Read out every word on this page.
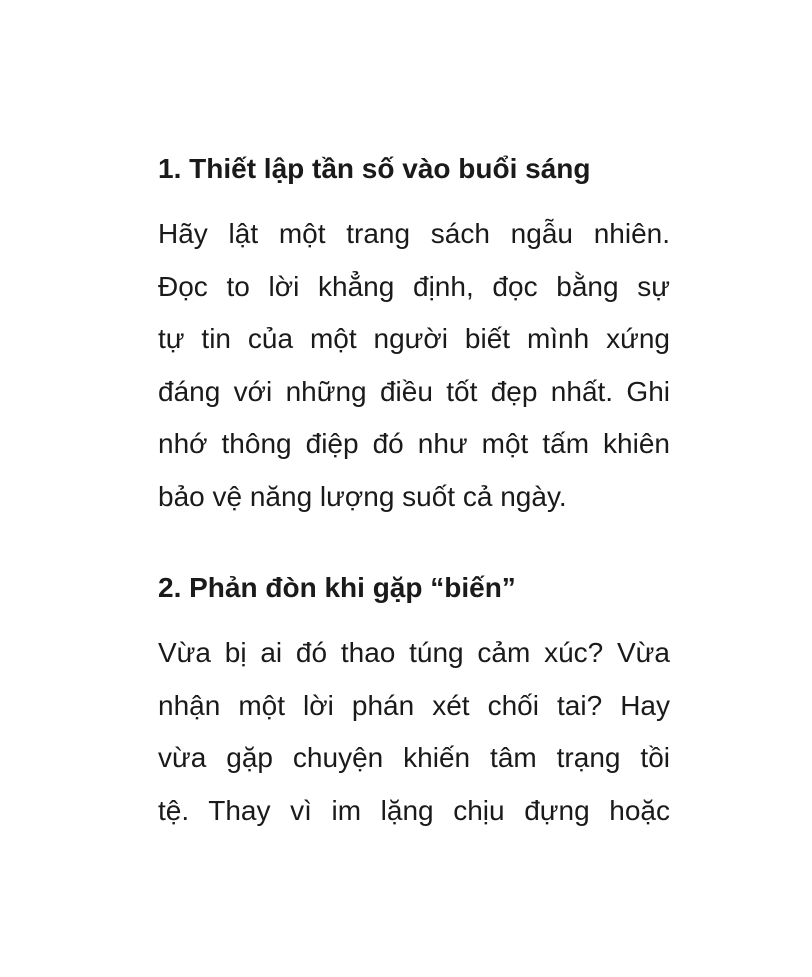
1. Thiết lập tần số vào buổi sáng
Hãy lật một trang sách ngẫu nhiên.
Đọc to lời khẳng định, đọc bằng sự
tự tin của một người biết mình xứng
đáng với những điều tốt đẹp nhất. Ghi
nhớ thông điệp đó như một tấm khiên
bảo vệ năng lượng suốt cả ngày.
2. Phản đòn khi gặp “biến”
Vừa bị ai đó thao túng cảm xúc? Vừa
nhận một lời phán xét chối tai? Hay
vừa gặp chuyện khiến tâm trạng tồi
tệ. Thay vì im lặng chịu đựng hoặc
